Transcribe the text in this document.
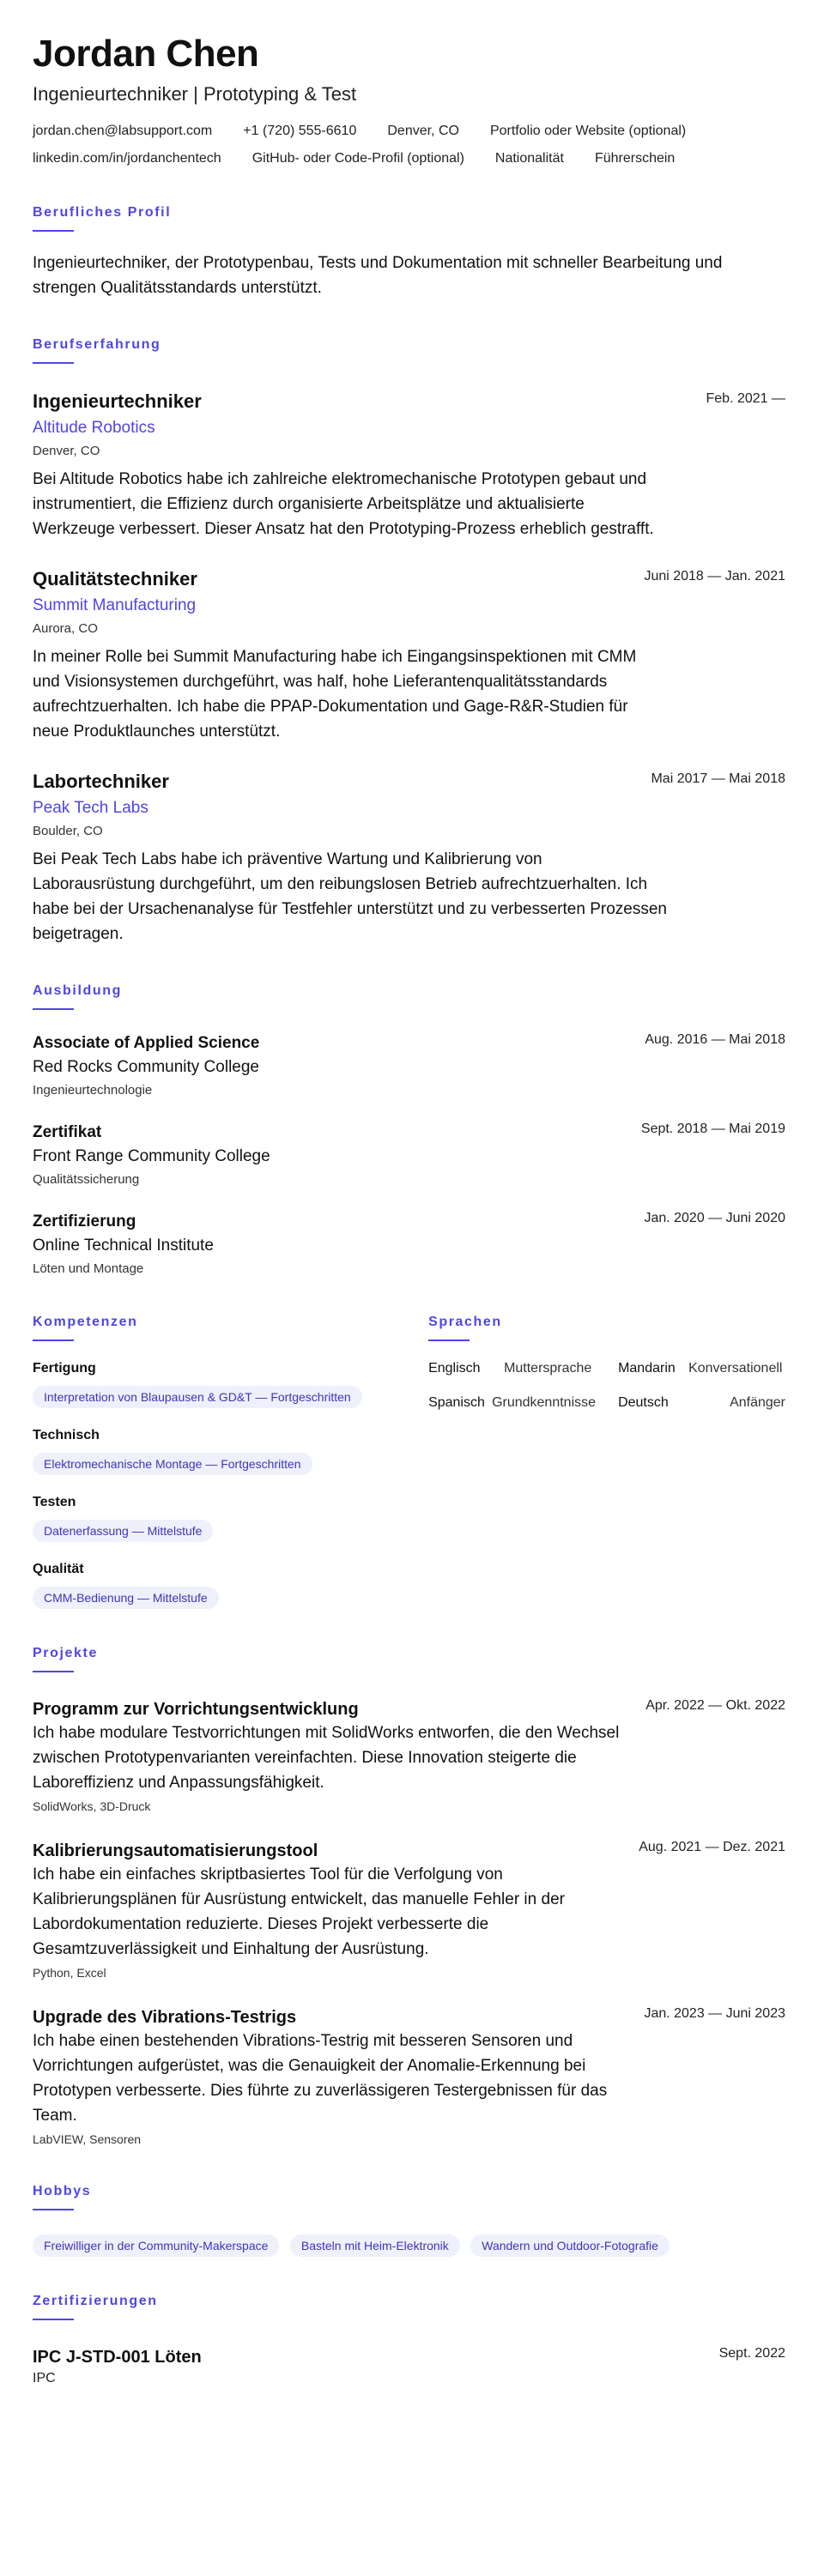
Jordan Chen
Ingenieurtechniker | Prototyping & Test
jordan.chen@labsupport.com +1 (720) 555-6610 Denver, CO Portfolio oder Website (optional)
linkedin.com/in/jordanchentech GitHub- oder Code-Profil (optional) Nationalität Führerschein
Berufliches Profil
Ingenieurtechniker, der Prototypenbau, Tests und Dokumentation mit schneller Bearbeitung und strengen Qualitätsstandards unterstützt.
Berufserfahrung
Ingenieurtechniker	Feb. 2021 —
Altitude Robotics
Denver, CO
Bei Altitude Robotics habe ich zahlreiche elektromechanische Prototypen gebaut und instrumentiert, die Effizienz durch organisierte Arbeitsplätze und aktualisierte Werkzeuge verbessert. Dieser Ansatz hat den Prototyping-Prozess erheblich gestrafft.
Qualitätstechniker	Juni 2018 — Jan. 2021
Summit Manufacturing
Aurora, CO
In meiner Rolle bei Summit Manufacturing habe ich Eingangsinspektionen mit CMM und Visionsystemen durchgeführt, was half, hohe Lieferantenqualitätsstandards aufrechtzuerhalten. Ich habe die PPAP-Dokumentation und Gage-R&R-Studien für neue Produktlaunches unterstützt.
Labortechniker	Mai 2017 — Mai 2018
Peak Tech Labs
Boulder, CO
Bei Peak Tech Labs habe ich präventive Wartung und Kalibrierung von Laborausrüstung durchgeführt, um den reibungslosen Betrieb aufrechtzuerhalten. Ich habe bei der Ursachenanalyse für Testfehler unterstützt und zu verbesserten Prozessen beigetragen.
Ausbildung
Associate of Applied Science	Aug. 2016 — Mai 2018
Red Rocks Community College
Ingenieurtechnologie
Zertifikat	Sept. 2018 — Mai 2019
Front Range Community College
Qualitätssicherung
Zertifizierung	Jan. 2020 — Juni 2020
Online Technical Institute
Löten und Montage
Kompetenzen
Fertigung
Interpretation von Blaupausen & GD&T — Fortgeschritten
Technisch
Elektromechanische Montage — Fortgeschritten
Testen
Datenerfassung — Mittelstufe
Qualität
CMM-Bedienung — Mittelstufe
Sprachen
Englisch	Muttersprache	Mandarin Konversationell
Spanisch Grundkenntnisse	Deutsch	Anfänger
Projekte
Programm zur Vorrichtungsentwicklung	Apr. 2022 — Okt. 2022
Ich habe modulare Testvorrichtungen mit SolidWorks entworfen, die den Wechsel zwischen Prototypenvarianten vereinfachten. Diese Innovation steigerte die Laboreffizienz und Anpassungsfähigkeit.
SolidWorks, 3D-Druck
Kalibrierungsautomatisierungstool	Aug. 2021 — Dez. 2021
Ich habe ein einfaches skriptbasiertes Tool für die Verfolgung von Kalibrierungsplänen für Ausrüstung entwickelt, das manuelle Fehler in der Labordokumentation reduzierte. Dieses Projekt verbesserte die Gesamtzuverlässigkeit und Einhaltung der Ausrüstung.
Python, Excel
Upgrade des Vibrations-Testrigs	Jan. 2023 — Juni 2023
Ich habe einen bestehenden Vibrations-Testrig mit besseren Sensoren und Vorrichtungen aufgerüstet, was die Genauigkeit der Anomalie-Erkennung bei Prototypen verbesserte. Dies führte zu zuverlässigeren Testergebnissen für das Team.
LabVIEW, Sensoren
Hobbys
Freiwilliger in der Community-Makerspace	Basteln mit Heim-Elektronik	Wandern und Outdoor-Fotografie
Zertifizierungen
IPC J-STD-001 Löten
IPC
Sept. 2022
